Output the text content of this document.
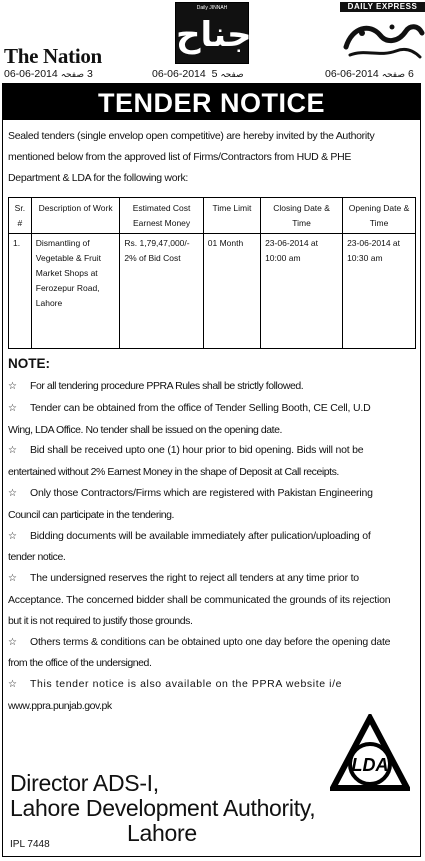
The Nation
Daily JINNAH
جناح
DAILY EXPRESS
06-06-2014 صفحہ 3	06-06-2014 5 صفحہ	06-06-2014 صفحہ 6
TENDER NOTICE
Sealed tenders (single envelop open competitive) are hereby invited by the Authority
mentioned below from the approved list of Firms/Contractors from HUD & PHE
Department & LDA for the following work:
Sr. #	Description of Work	Estimated Cost Earnest Money	Time Limit	Closing Date & Time	Opening Date & Time
1.	Dismantling of Vegetable & Fruit Market Shops at Ferozepur Road, Lahore	Rs. 1,79,47,000/- 2% of Bid Cost	01 Month	23-06-2014 at 10:00 am	23-06-2014 at 10:30 am
NOTE:
☆ For all tendering procedure PPRA Rules shall be strictly followed.
☆ Tender can be obtained from the office of Tender Selling Booth, CE Cell, U.D
Wing, LDA Office. No tender shall be issued on the opening date.
☆ Bid shall be received upto one (1) hour prior to bid opening. Bids will not be
entertained without 2% Earnest Money in the shape of Deposit at Call receipts.
☆ Only those Contractors/Firms which are registered with Pakistan Engineering
Council can participate in the tendering.
☆ Bidding documents will be available immediately after pulication/uploading of
tender notice.
☆ The undersigned reserves the right to reject all tenders at any time prior to
Acceptance. The concerned bidder shall be communicated the grounds of its rejection
but it is not required to justify those grounds.
☆ Others terms & conditions can be obtained upto one day before the opening date
from the office of the undersigned.
☆ This tender notice is also available on the PPRA website i/e
www.ppra.punjab.gov.pk
LDA
Director ADS-I,
Lahore Development Authority,
Lahore
IPL 7448
